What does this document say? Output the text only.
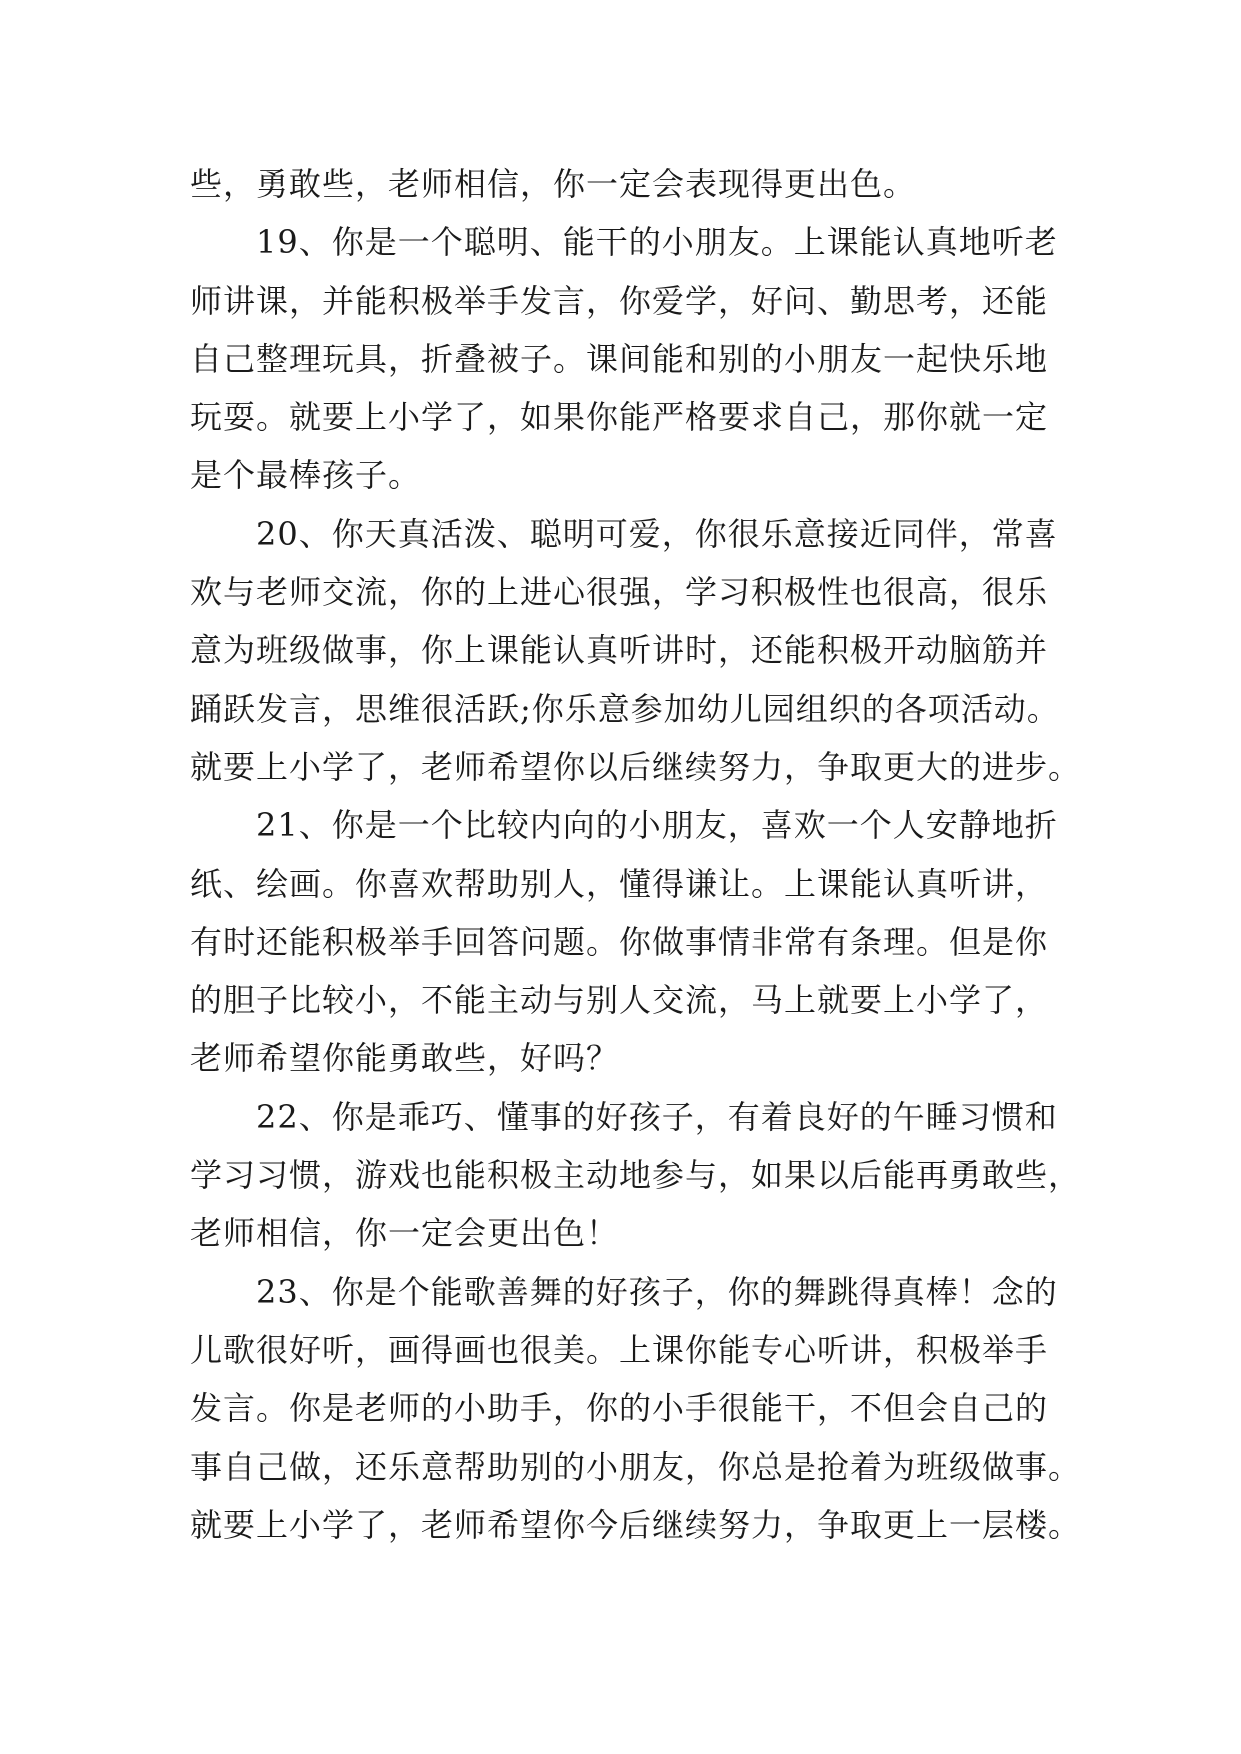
些，勇敢些，老师相信，你一定会表现得更出色。
　　19、你是一个聪明、能干的小朋友。上课能认真地听老
师讲课，并能积极举手发言，你爱学，好问、勤思考，还能
自己整理玩具，折叠被子。课间能和别的小朋友一起快乐地
玩耍。就要上小学了，如果你能严格要求自己，那你就一定
是个最棒孩子。
　　20、你天真活泼、聪明可爱，你很乐意接近同伴，常喜
欢与老师交流，你的上进心很强，学习积极性也很高，很乐
意为班级做事，你上课能认真听讲时，还能积极开动脑筋并
踊跃发言，思维很活跃;你乐意参加幼儿园组织的各项活动。
就要上小学了，老师希望你以后继续努力，争取更大的进步。
　　21、你是一个比较内向的小朋友，喜欢一个人安静地折
纸、绘画。你喜欢帮助别人，懂得谦让。上课能认真听讲，
有时还能积极举手回答问题。你做事情非常有条理。但是你
的胆子比较小，不能主动与别人交流，马上就要上小学了，
老师希望你能勇敢些，好吗？
　　22、你是乖巧、懂事的好孩子，有着良好的午睡习惯和
学习习惯，游戏也能积极主动地参与，如果以后能再勇敢些，
老师相信，你一定会更出色！
　　23、你是个能歌善舞的好孩子，你的舞跳得真棒！念的
儿歌很好听，画得画也很美。上课你能专心听讲，积极举手
发言。你是老师的小助手，你的小手很能干，不但会自己的
事自己做，还乐意帮助别的小朋友，你总是抢着为班级做事。
就要上小学了，老师希望你今后继续努力，争取更上一层楼。
